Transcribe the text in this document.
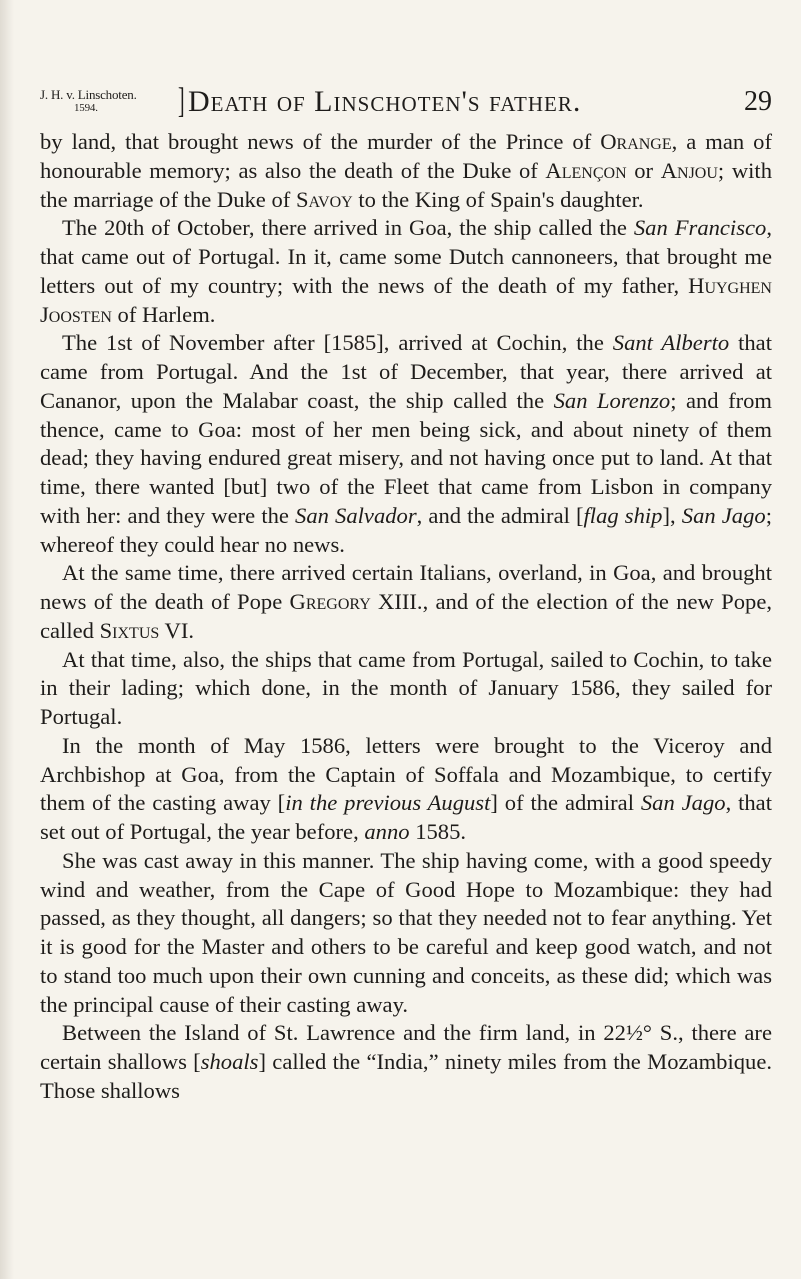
J. H. v. Linschoten.
1594.	] Death of Linschoten's father.	29

by land, that brought news of the murder of the Prince of Orange, a man of honourable memory; as also the death of the Duke of Alençon or Anjou; with the marriage of the Duke of Savoy to the King of Spain's daughter.

The 20th of October, there arrived in Goa, the ship called the San Francisco, that came out of Portugal. In it, came some Dutch cannoneers, that brought me letters out of my country; with the news of the death of my father, Huyghen Joosten of Harlem.

The 1st of November after [1585], arrived at Cochin, the Sant Alberto that came from Portugal. And the 1st of December, that year, there arrived at Cananor, upon the Malabar coast, the ship called the San Lorenzo; and from thence, came to Goa: most of her men being sick, and about ninety of them dead; they having endured great misery, and not having once put to land. At that time, there wanted [but] two of the Fleet that came from Lisbon in company with her: and they were the San Salvador, and the admiral [flag ship], San Jago; whereof they could hear no news.

At the same time, there arrived certain Italians, overland, in Goa, and brought news of the death of Pope Gregory XIII., and of the election of the new Pope, called Sixtus VI.

At that time, also, the ships that came from Portugal, sailed to Cochin, to take in their lading; which done, in the month of January 1586, they sailed for Portugal.

In the month of May 1586, letters were brought to the Viceroy and Archbishop at Goa, from the Captain of Soffala and Mozambique, to certify them of the casting away [in the previous August] of the admiral San Jago, that set out of Portugal, the year before, anno 1585.

She was cast away in this manner. The ship having come, with a good speedy wind and weather, from the Cape of Good Hope to Mozambique: they had passed, as they thought, all dangers; so that they needed not to fear anything. Yet it is good for the Master and others to be careful and keep good watch, and not to stand too much upon their own cunning and conceits, as these did; which was the principal cause of their casting away.

Between the Island of St. Lawrence and the firm land, in 22½° S., there are certain shallows [shoals] called the “India,” ninety miles from the Mozambique. Those shallows
